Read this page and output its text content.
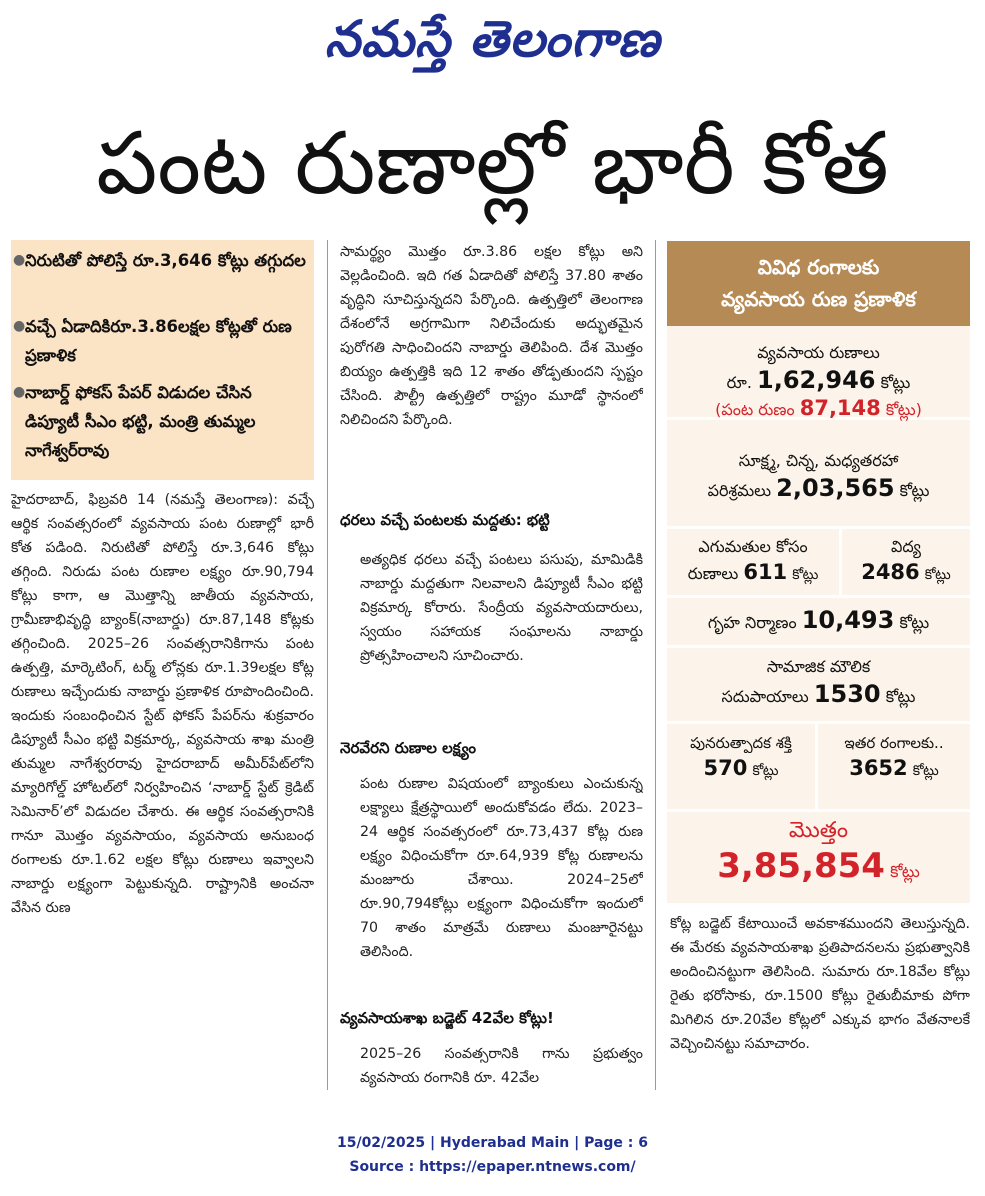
నమస్తే తెలంగాణ
పంట రుణాల్లో భారీ కోత
● నిరుటితో పోలిస్తే రూ.3,646 కోట్లు తగ్గుదల
● వచ్చే ఏడాదికిరూ.3.86లక్షల కోట్లతో రుణ ప్రణాళిక
● నాబార్డ్ ఫోకస్ పేపర్ విడుదల చేసిన డిప్యూటీ సీఎం భట్టి, మంత్రి తుమ్మల నాగేశ్వర్‌రావు
హైదరాబాద్, ఫిబ్రవరి 14 (నమస్తే తెలంగాణ): వచ్చే ఆర్థిక సంవత్సరంలో వ్యవసాయ పంట రుణాల్లో భారీ కోత పడింది. నిరుటితో పోలిస్తే రూ.3,646 కోట్లు తగ్గింది. నిరుడు పంట రుణాల లక్ష్యం రూ.90,794 కోట్లు కాగా, ఆ మొత్తాన్ని జాతీయ వ్యవసాయ, గ్రామీణాభివృద్ధి బ్యాంక్(నాబార్డు) రూ.87,148 కోట్లకు తగ్గించింది. 2025–26 సంవత్సరానికిగాను పంట ఉత్పత్తి, మార్కెటింగ్, టర్మ్ లోన్లకు రూ.1.39లక్షల కోట్ల రుణాలు ఇచ్చేందుకు నాబార్డు ప్రణాళిక రూపొందించింది. ఇందుకు సంబంధించిన స్టేట్ ఫోకస్ పేపర్‌ను శుక్రవారం డిప్యూటీ సీఎం భట్టి విక్రమార్క, వ్యవసాయ శాఖ మంత్రి తుమ్మల నాగేశ్వరరావు హైదరాబాద్ అమీర్‌పేట్‌లోని మ్యారిగోల్డ్ హోటల్‌లో నిర్వహించిన ‘నాబార్డ్ స్టేట్ క్రెడిట్ సెమినార్’లో విడుదల చేశారు. ఈ ఆర్థిక సంవత్సరానికి గానూ మొత్తం వ్యవసాయం, వ్యవసాయ అనుబంధ రంగాలకు రూ.1.62 లక్షల కోట్లు రుణాలు ఇవ్వాలని నాబార్డు లక్ష్యంగా పెట్టుకున్నది. రాష్ట్రానికి అంచనా వేసిన రుణ
సామర్థ్యం మొత్తం రూ.3.86 లక్షల కోట్లు అని వెల్లడించింది. ఇది గత ఏడాదితో పోలిస్తే 37.80 శాతం వృద్ధిని సూచిస్తున్నదని పేర్కొంది. ఉత్పత్తిలో తెలంగాణ దేశంలోనే అగ్రగామిగా నిలిచేందుకు అద్భుతమైన పురోగతి సాధించిందని నాబార్డు తెలిపింది. దేశ మొత్తం బియ్యం ఉత్పత్తికి ఇది 12 శాతం తోడ్పతుందని స్పష్టం చేసింది. పౌల్ట్రీ ఉత్పత్తిలో రాష్ట్రం మూడో స్థానంలో నిలిచిందని పేర్కొంది.
ధరలు వచ్చే పంటలకు మద్దతు: భట్టి
అత్యధిక ధరలు వచ్చే పంటలు పసుపు, మామిడికి నాబార్డు మద్దతుగా నిలవాలని డిప్యూటీ సీఎం భట్టి విక్రమార్క కోరారు. సేంద్రీయ వ్యవసాయదారులు, స్వయం సహాయక సంఘాలను నాబార్డు ప్రోత్సహించాలని సూచించారు.
నెరవేరని రుణాల లక్ష్యం
పంట రుణాల విషయంలో బ్యాంకులు ఎంచుకున్న లక్ష్యాలు క్షేత్రస్థాయిలో అందుకోవడం లేదు. 2023–24 ఆర్థిక సంవత్సరంలో రూ.73,437 కోట్ల రుణ లక్ష్యం విధించుకోగా రూ.64,939 కోట్ల రుణాలను మంజూరు చేశాయి. 2024–25లో రూ.90,794కోట్లు లక్ష్యంగా విధించుకోగా ఇందులో 70 శాతం మాత్రమే రుణాలు మంజూరైనట్టు తెలిసింది.
వ్యవసాయశాఖ బడ్జెట్ 42వేల కోట్లు!
2025–26 సంవత్సరానికి గాను ప్రభుత్వం వ్యవసాయ రంగానికి రూ. 42వేల
వివిధ రంగాలకు
వ్యవసాయ రుణ ప్రణాళిక
వ్యవసాయ రుణాలు
రూ. 1,62,946 కోట్లు
(పంట రుణం 87,148 కోట్లు)
సూక్ష్మ, చిన్న, మధ్యతరహా
పరిశ్రమలు 2,03,565 కోట్లు
ఎగుమతుల కోసం
రుణాలు 611 కోట్లు
విద్య
2486 కోట్లు
గృహ నిర్మాణం 10,493 కోట్లు
సామాజిక మౌలిక
సదుపాయాలు 1530 కోట్లు
పునరుత్పాదక శక్తి
570 కోట్లు
ఇతర రంగాలకు..
3652 కోట్లు
మొత్తం
3,85,854 కోట్లు
కోట్ల బడ్జెట్ కేటాయించే అవకాశముందని తెలుస్తున్నది. ఈ మేరకు వ్యవసాయశాఖ ప్రతిపాదనలను ప్రభుత్వానికి అందించినట్టుగా తెలిసింది. సుమారు రూ.18వేల కోట్లు రైతు భరోసాకు, రూ.1500 కోట్లు రైతుబీమాకు పోగా మిగిలిన రూ.20వేల కోట్లలో ఎక్కువ భాగం వేతనాలకే వెచ్చించినట్టు సమాచారం.
15/02/2025 | Hyderabad Main | Page : 6
Source : https://epaper.ntnews.com/
